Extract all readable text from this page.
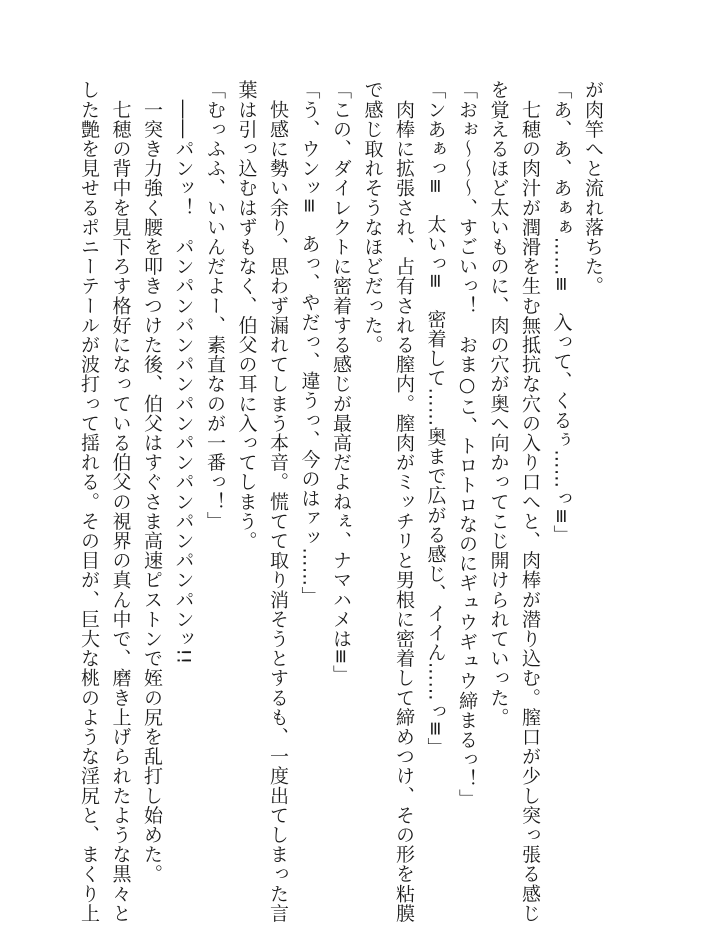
が肉竿へと流れ落ちた。

「あ、あ、あぁぁ……≡　入って、くるぅ……っ≡」

　七穂の肉汁が潤滑を生む無抵抗な穴の入り口へと、肉棒が潜り込む。膣口が少し突っ張る感じ

を覚えるほど太いものに、肉の穴が奥へ向かってこじ開けられていった。

「おぉ～～～、すごいっ！　おま○こ、トロトロなのにギュウギュウ締まるっ！」

「ンあぁっ≡　太いっ≡　密着して……奥まで広がる感じ、イイん……っ≡」

　肉棒に拡張され、占有される膣内。膣肉がミッチリと男根に密着して締めつけ、その形を粘膜

で感じ取れそうなほどだった。

「この、ダイレクトに密着する感じが最高だよねぇ、ナマハメは≡」

「う、ウンッ≡　あっ、やだっ、違うっ、今のはァッ……」

　快感に勢い余り、思わず漏れてしまう本音。慌てて取り消そうとするも、一度出てしまった言

葉は引っ込むはずもなく、伯父の耳に入ってしまう。

「むっふふ、いいんだよー、素直なのが一番っ！」

　――パンッ！　パンパンパンパンパンパンパンパンパンパンッ!!

　一突き力強く腰を叩きつけた後、伯父はすぐさま高速ピストンで姪の尻を乱打し始めた。

　七穂の背中を見下ろす格好になっている伯父の視界の真ん中で、磨き上げられたような黒々と

した艶を見せるポニーテールが波打って揺れる。その目が、巨大な桃のような淫尻と、まくり上
